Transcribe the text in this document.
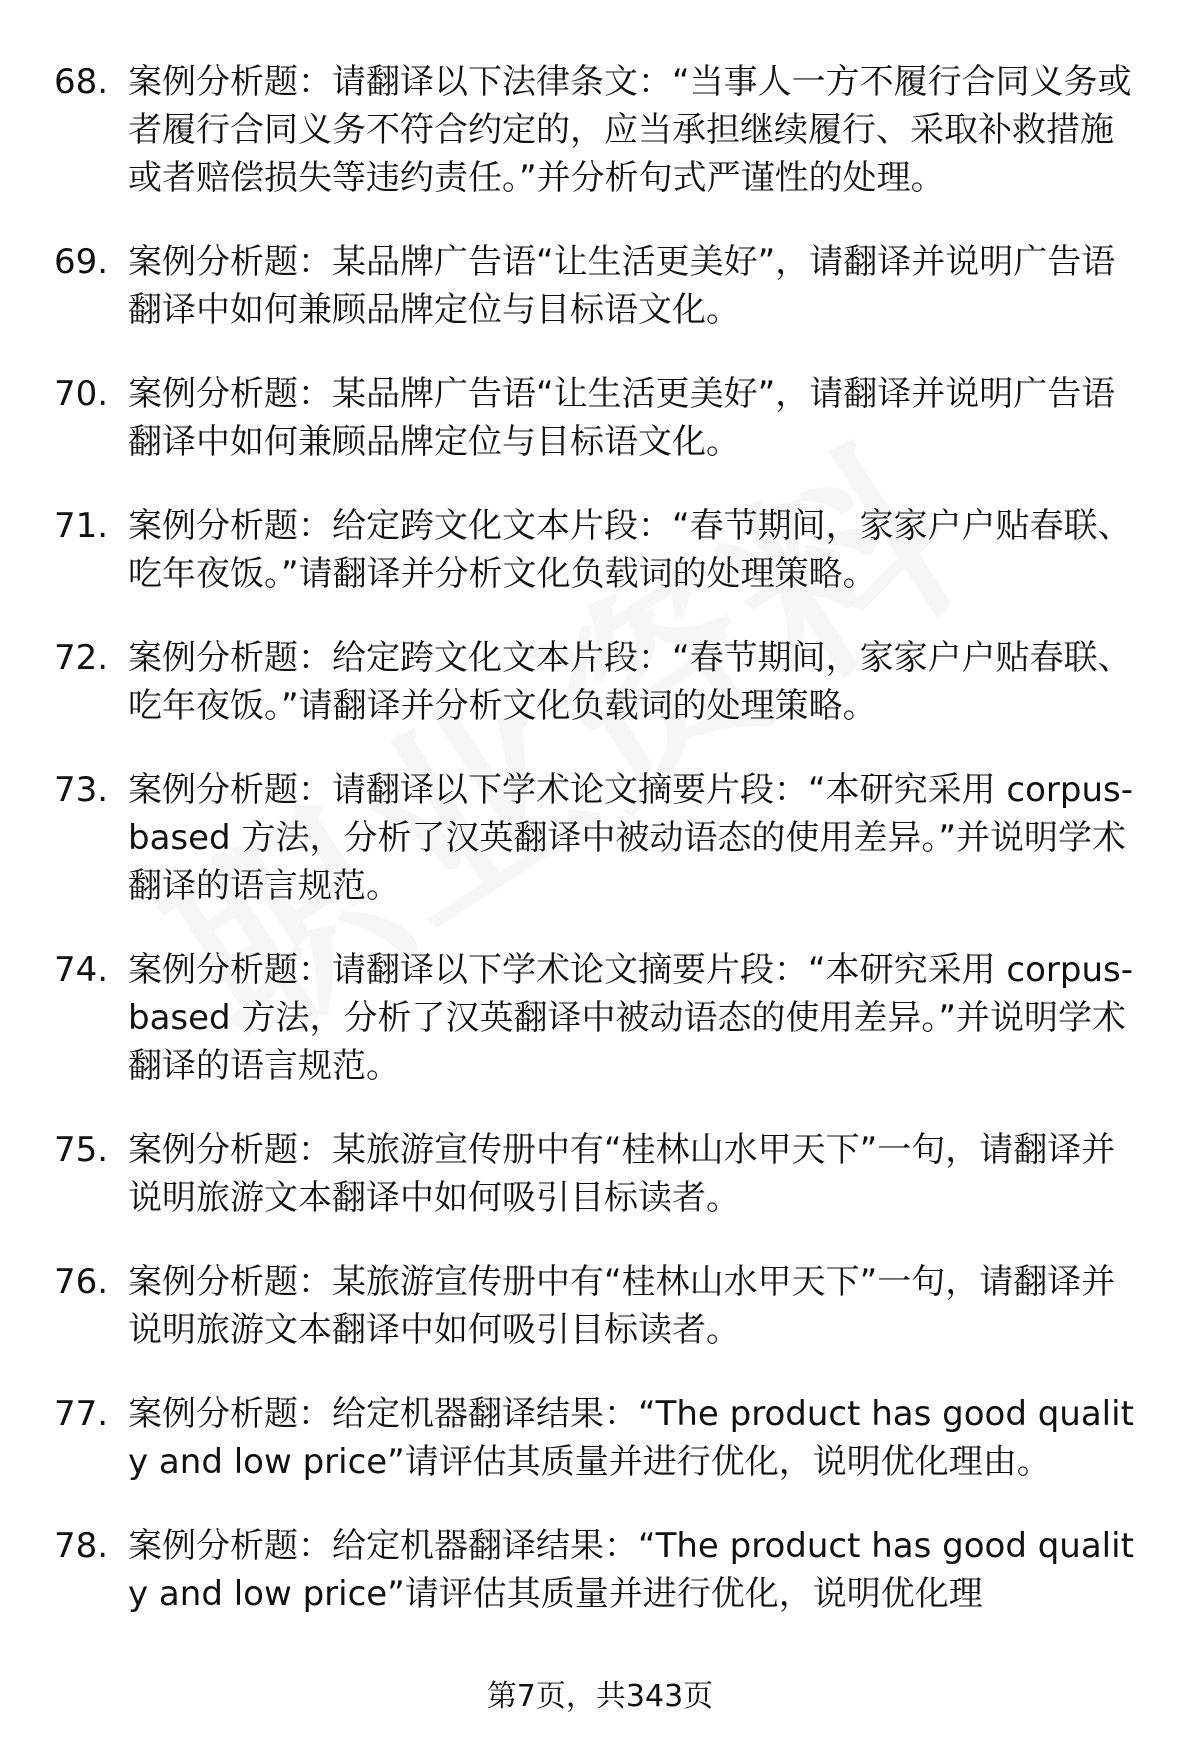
68. 案例分析题：请翻译以下法律条文：“当事人一方不履行合同义务或者履行合同义务不符合约定的，应当承担继续履行、采取补救措施或者赔偿损失等违约责任。”并分析句式严谨性的处理。
69. 案例分析题：某品牌广告语“让生活更美好”，请翻译并说明广告语翻译中如何兼顾品牌定位与目标语文化。
70. 案例分析题：某品牌广告语“让生活更美好”，请翻译并说明广告语翻译中如何兼顾品牌定位与目标语文化。
71. 案例分析题：给定跨文化文本片段：“春节期间，家家户户贴春联、吃年夜饭。”请翻译并分析文化负载词的处理策略。
72. 案例分析题：给定跨文化文本片段：“春节期间，家家户户贴春联、吃年夜饭。”请翻译并分析文化负载词的处理策略。
73. 案例分析题：请翻译以下学术论文摘要片段：“本研究采用 corpus-based 方法，分析了汉英翻译中被动语态的使用差异。”并说明学术翻译的语言规范。
74. 案例分析题：请翻译以下学术论文摘要片段：“本研究采用 corpus-based 方法，分析了汉英翻译中被动语态的使用差异。”并说明学术翻译的语言规范。
75. 案例分析题：某旅游宣传册中有“桂林山水甲天下”一句，请翻译并说明旅游文本翻译中如何吸引目标读者。
76. 案例分析题：某旅游宣传册中有“桂林山水甲天下”一句，请翻译并说明旅游文本翻译中如何吸引目标读者。
77. 案例分析题：给定机器翻译结果：“The product has good quality and low price”请评估其质量并进行优化，说明优化理由。
78. 案例分析题：给定机器翻译结果：“The product has good quality and low price”请评估其质量并进行优化，说明优化理
第7页，共343页
